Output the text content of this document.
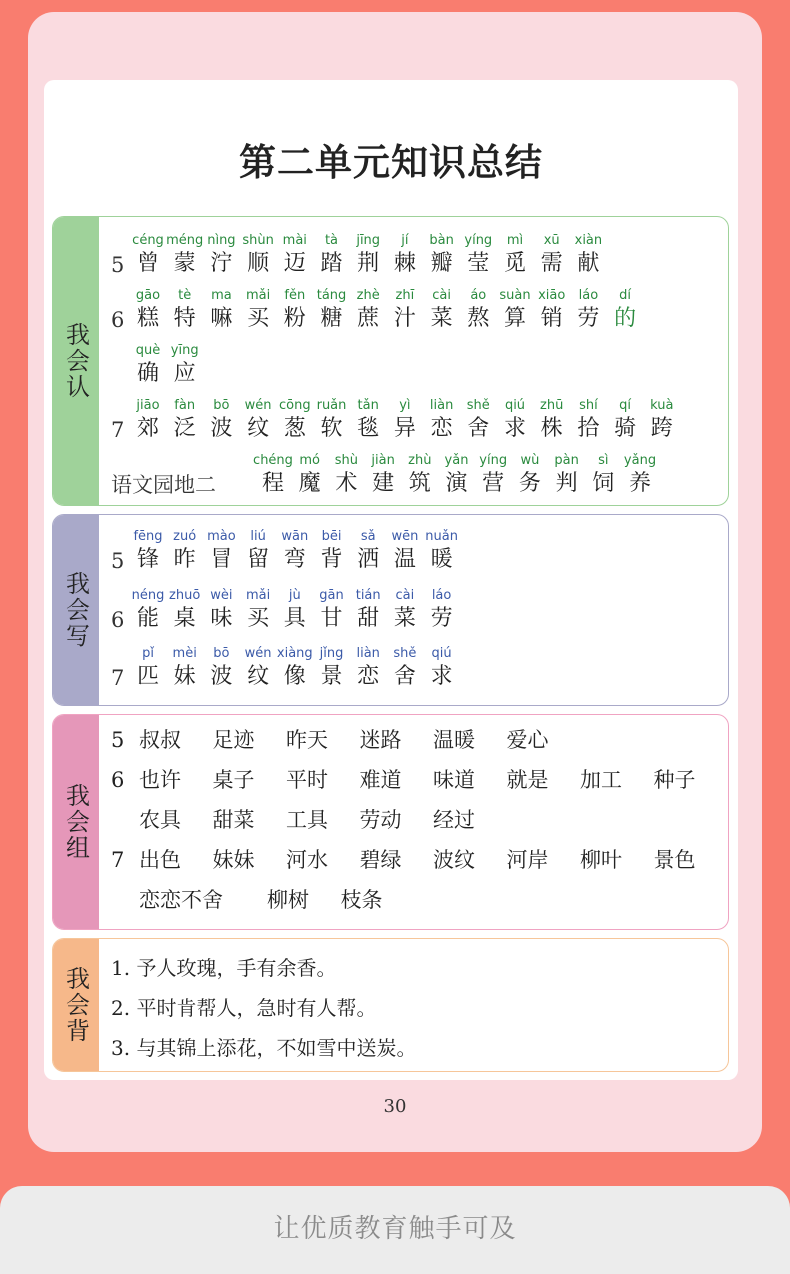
第二单元知识总结
我会认
5
céng
曾
méng
蒙
nìng
泞
shùn
顺
mài
迈
tà
踏
jīng
荆
jí
棘
bàn
瓣
yíng
莹
mì
觅
xū
需
xiàn
献
6
gāo
糕
tè
特
ma
嘛
mǎi
买
fěn
粉
táng
糖
zhè
蔗
zhī
汁
cài
菜
áo
熬
suàn
算
xiāo
销
láo
劳
dí
的
què
确
yīng
应
7
jiāo
郊
fàn
泛
bō
波
wén
纹
cōng
葱
ruǎn
软
tǎn
毯
yì
异
liàn
恋
shě
舍
qiú
求
zhū
株
shí
拾
qí
骑
kuà
跨
语文园地二
chéng
程
mó
魔
shù
术
jiàn
建
zhù
筑
yǎn
演
yíng
营
wù
务
pàn
判
sì
饲
yǎng
养
我会写
5
fēng
锋
zuó
昨
mào
冒
liú
留
wān
弯
bēi
背
sǎ
洒
wēn
温
nuǎn
暖
6
néng
能
zhuō
桌
wèi
味
mǎi
买
jù
具
gān
甘
tián
甜
cài
菜
láo
劳
7
pǐ
匹
mèi
妹
bō
波
wén
纹
xiàng
像
jǐng
景
liàn
恋
shě
舍
qiú
求
我会组
5 叔叔 足迹 昨天 迷路 温暖 爱心
6 也许 桌子 平时 难道 味道 就是 加工 种子
农具 甜菜 工具 劳动 经过
7 出色 妹妹 河水 碧绿 波纹 河岸 柳叶 景色
恋恋不舍 柳树 枝条
我会背 1. 予人玫瑰，手有余香。
2. 平时肯帮人，急时有人帮。
3. 与其锦上添花，不如雪中送炭。
30
让优质教育触手可及
